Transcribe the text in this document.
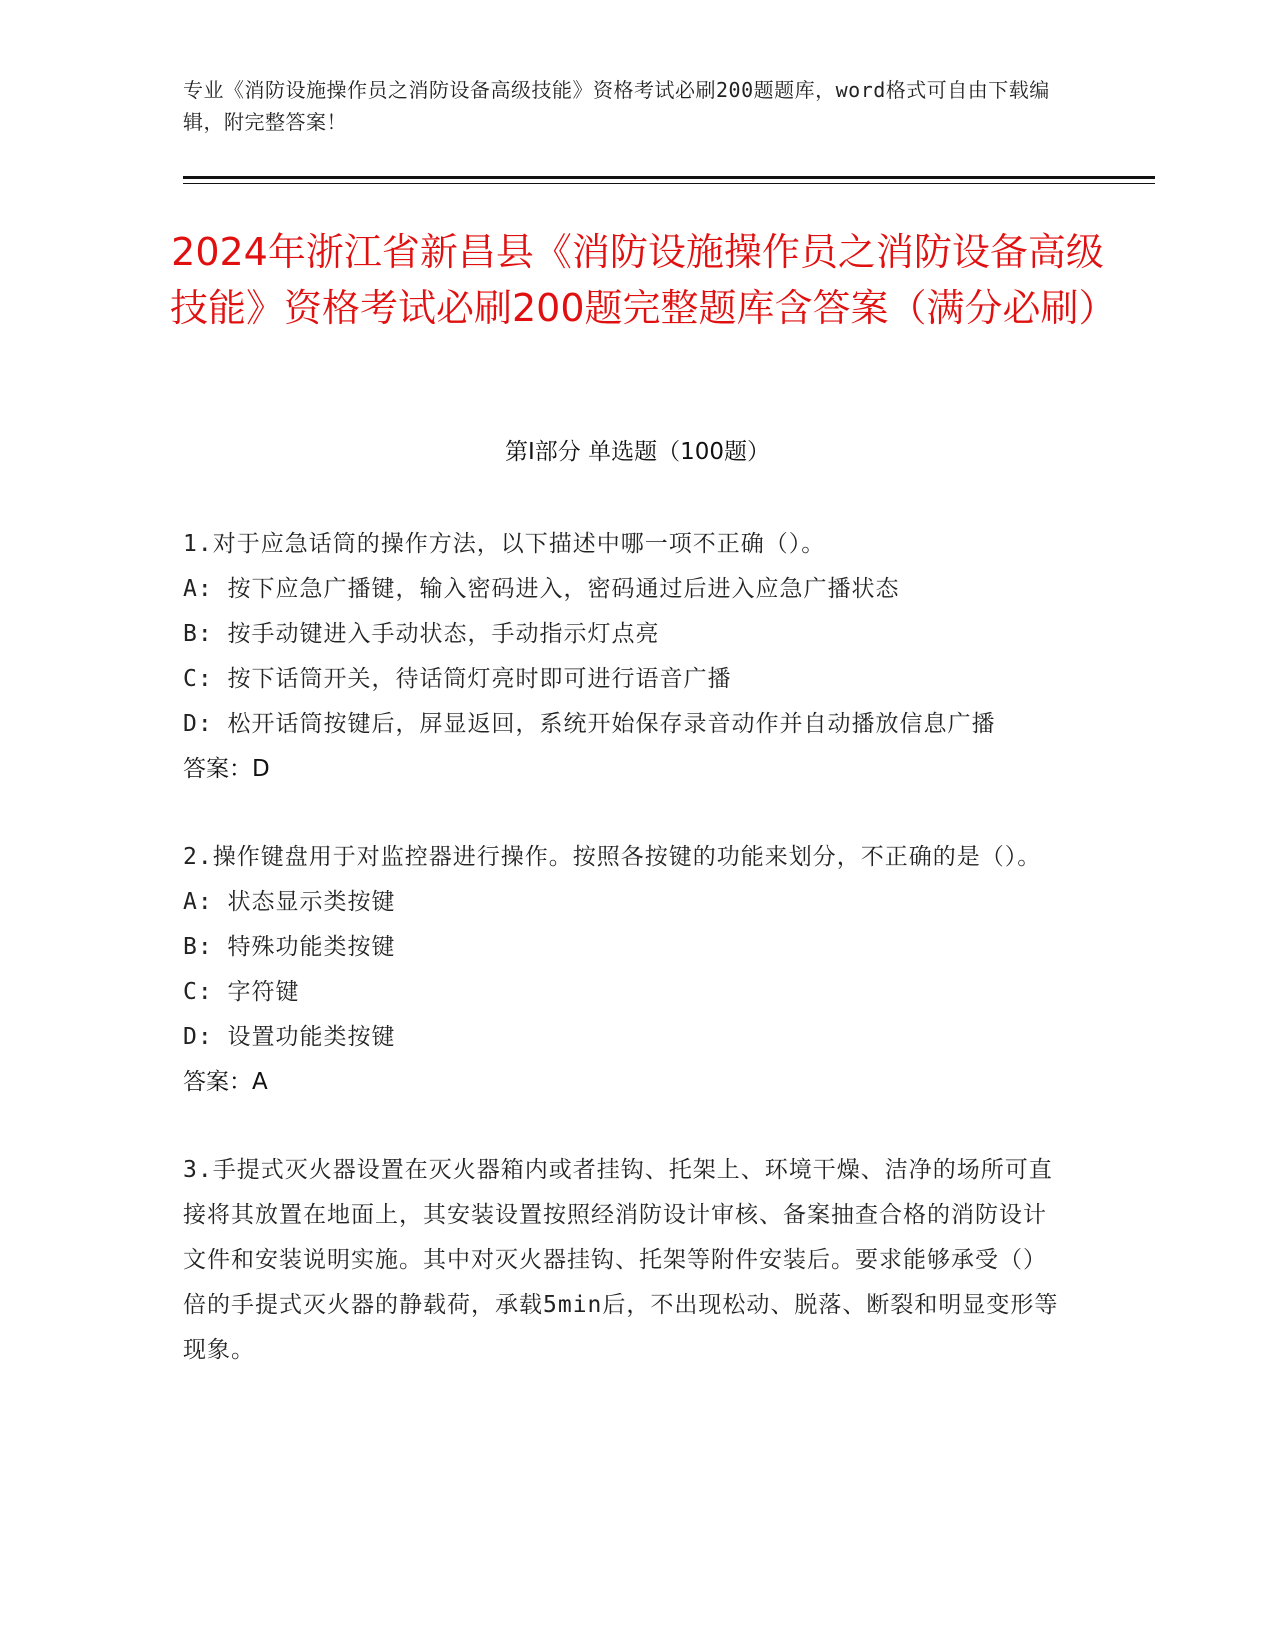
专业《消防设施操作员之消防设备高级技能》资格考试必刷200题题库，word格式可自由下载编辑，附完整答案！
2024年浙江省新昌县《消防设施操作员之消防设备高级技能》资格考试必刷200题完整题库含答案（满分必刷）
第Ⅰ部分 单选题（100题）
1.对于应急话筒的操作方法，以下描述中哪一项不正确（）。
A: 按下应急广播键，输入密码进入，密码通过后进入应急广播状态
B: 按手动键进入手动状态，手动指示灯点亮
C: 按下话筒开关，待话筒灯亮时即可进行语音广播
D: 松开话筒按键后，屏显返回，系统开始保存录音动作并自动播放信息广播
答案：D
2.操作键盘用于对监控器进行操作。按照各按键的功能来划分，不正确的是（）。
A: 状态显示类按键
B: 特殊功能类按键
C: 字符键
D: 设置功能类按键
答案：A
3.手提式灭火器设置在灭火器箱内或者挂钩、托架上、环境干燥、洁净的场所可直接将其放置在地面上，其安装设置按照经消防设计审核、备案抽查合格的消防设计文件和安装说明实施。其中对灭火器挂钩、托架等附件安装后。要求能够承受（）倍的手提式灭火器的静载荷，承载5min后，不出现松动、脱落、断裂和明显变形等现象。
